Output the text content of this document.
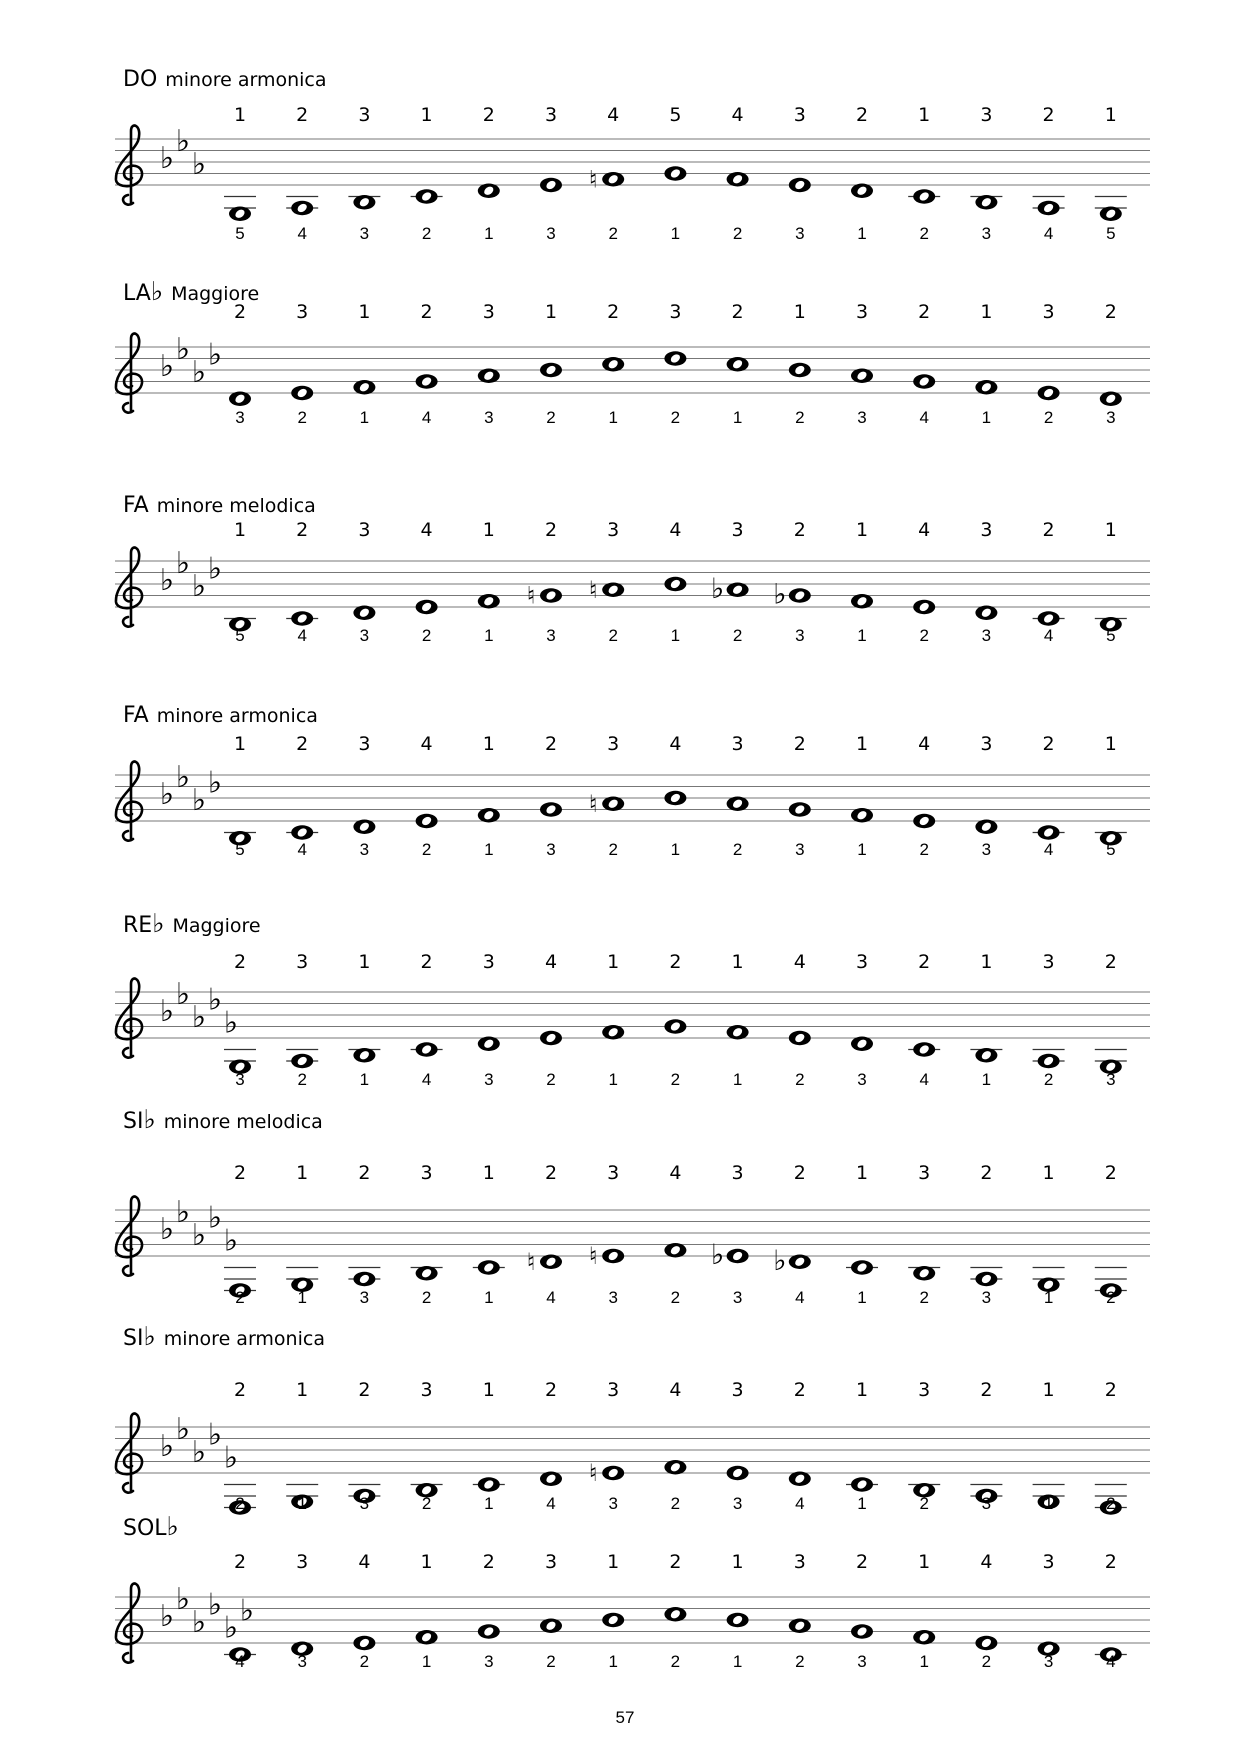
DO minore armonica
♭ ♭
♭	♮
1	2	3	1	2	3	4	5	4	3	2	1	3	2	1
5	4	3	2	1	3	2	1	2	3	1	2	3	4	5
LA♭ Maggiore
♭ ♭
♭ ♭
2	3	1	2	3	1	2	3	2	1	3	2	1	3	2
3	2	1	4	3	2	1	2	1	2	3	4	1	2	3
FA minore melodica
♭ ♭
♭ ♭
♮ ♮	♭ ♭
1	2	3	4	1	2	3	4	3	2	1	4	3	2	1
5	4	3	2	1	3	2	1	2	3	1	2	3	4	5
FA minore armonica
♭ ♭
♭ ♭
♮
1	2	3	4	1	2	3	4	3	2	1	4	3	2	1
5	4	3	2	1	3	2	1	2	3	1	2	3	4	5
RE♭ Maggiore
♭ ♭
♭ ♭
♭
2	3	1	2	3	4	1	2	1	4	3	2	1	3	2
3	2	1	4	3	2	1	2	1	2	3	4	1	2	3
SI♭ minore melodica
♭ ♭
♭ ♭
♭
♮ ♮	♭ ♭
2	1	2	3	1	2	3	4	3	2	1	3	2	1	2
2	1	3	2	1	4	3	2	3	4	1	2	3	1	2
SI♭ minore armonica
♭ ♭
♭ ♭
♭	♮
2	1	2	3	1	2	3	4	3	2	1	3	2	1	2
2	1	3	2	1	4	3	2	3	4	1	2	3	1	2
SOL♭
♭ ♭
♭ ♭
♭ ♭
2	3	4	1	2	3	1	2	1	3	2	1	4	3	2
4	3	2	1	3	2	1	2	1	2	3	1	2	3	4
57
